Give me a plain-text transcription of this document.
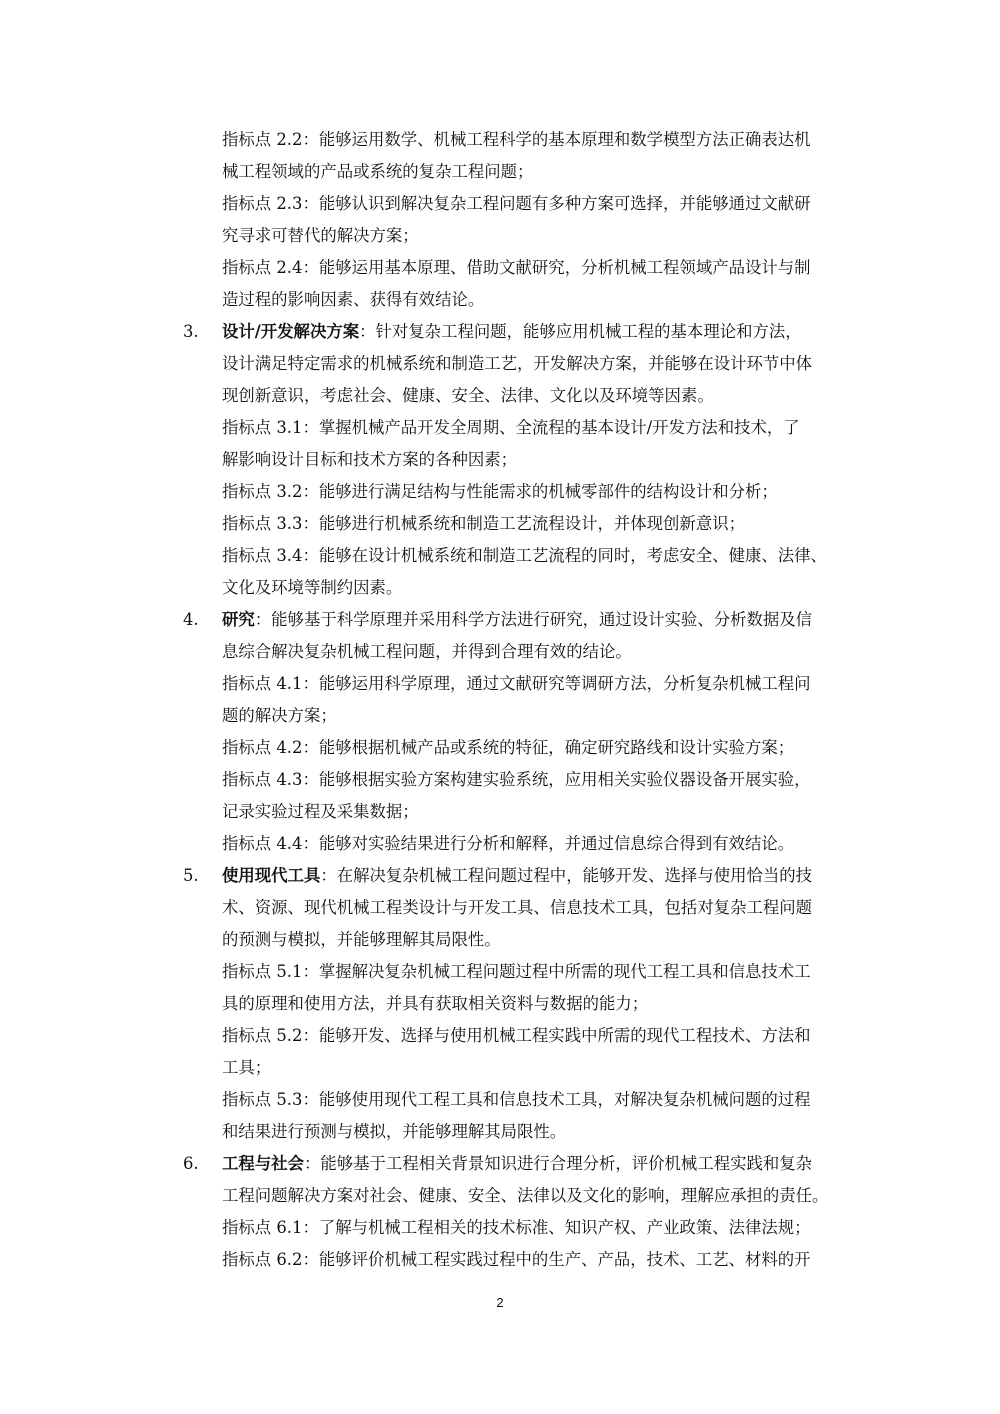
指标点 2.2：能够运用数学、机械工程科学的基本原理和数学模型方法正确表达机
械工程领域的产品或系统的复杂工程问题；
指标点 2.3：能够认识到解决复杂工程问题有多种方案可选择，并能够通过文献研
究寻求可替代的解决方案；
指标点 2.4：能够运用基本原理、借助文献研究，分析机械工程领域产品设计与制
造过程的影响因素、获得有效结论。
3. 设计/开发解决方案：针对复杂工程问题，能够应用机械工程的基本理论和方法，
设计满足特定需求的机械系统和制造工艺，开发解决方案，并能够在设计环节中体
现创新意识，考虑社会、健康、安全、法律、文化以及环境等因素。
指标点 3.1：掌握机械产品开发全周期、全流程的基本设计/开发方法和技术，了
解影响设计目标和技术方案的各种因素；
指标点 3.2：能够进行满足结构与性能需求的机械零部件的结构设计和分析；
指标点 3.3：能够进行机械系统和制造工艺流程设计，并体现创新意识；
指标点 3.4：能够在设计机械系统和制造工艺流程的同时，考虑安全、健康、法律、
文化及环境等制约因素。
4. 研究：能够基于科学原理并采用科学方法进行研究，通过设计实验、分析数据及信
息综合解决复杂机械工程问题，并得到合理有效的结论。
指标点 4.1：能够运用科学原理，通过文献研究等调研方法，分析复杂机械工程问
题的解决方案；
指标点 4.2：能够根据机械产品或系统的特征，确定研究路线和设计实验方案；
指标点 4.3：能够根据实验方案构建实验系统，应用相关实验仪器设备开展实验，
记录实验过程及采集数据；
指标点 4.4：能够对实验结果进行分析和解释，并通过信息综合得到有效结论。
5. 使用现代工具：在解决复杂机械工程问题过程中，能够开发、选择与使用恰当的技
术、资源、现代机械工程类设计与开发工具、信息技术工具，包括对复杂工程问题
的预测与模拟，并能够理解其局限性。
指标点 5.1：掌握解决复杂机械工程问题过程中所需的现代工程工具和信息技术工
具的原理和使用方法，并具有获取相关资料与数据的能力；
指标点 5.2：能够开发、选择与使用机械工程实践中所需的现代工程技术、方法和
工具；
指标点 5.3：能够使用现代工程工具和信息技术工具，对解决复杂机械问题的过程
和结果进行预测与模拟，并能够理解其局限性。
6. 工程与社会：能够基于工程相关背景知识进行合理分析，评价机械工程实践和复杂
工程问题解决方案对社会、健康、安全、法律以及文化的影响，理解应承担的责任。
指标点 6.1：了解与机械工程相关的技术标准、知识产权、产业政策、法律法规；
指标点 6.2：能够评价机械工程实践过程中的生产、产品，技术、工艺、材料的开
2
